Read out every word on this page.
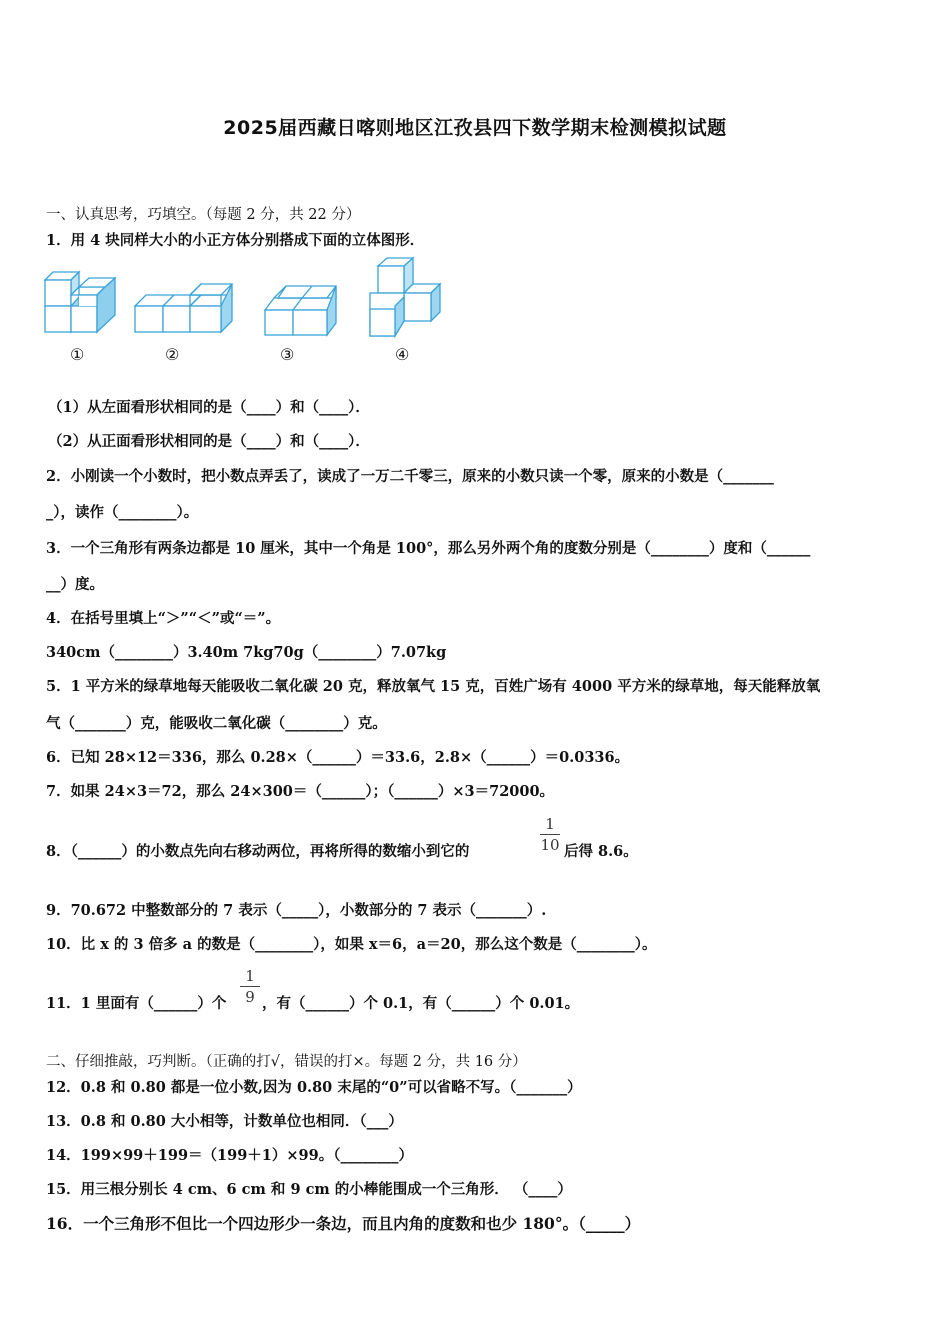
2025届西藏日喀则地区江孜县四下数学期末检测模拟试题
一、认真思考，巧填空。（每题 2 分，共 22 分）
1．用 4 块同样大小的小正方体分别搭成下面的立体图形．
①	②	③	④
（1）从左面看形状相同的是（____）和（____）．
（2）从正面看形状相同的是（____）和（____）．
2．小刚读一个小数时，把小数点弄丢了，读成了一万二千零三，原来的小数只读一个零，原来的小数是（_______
_），读作（________）。
3．一个三角形有两条边都是 10 厘米，其中一个角是 100°，那么另外两个角的度数分别是（________）度和（______
__）度。
4．在括号里填上“＞”“＜”或“＝”。
340cm（________）3.40m 7kg70g（________）7.07kg
5．1 平方米的绿草地每天能吸收二氧化碳 20 克，释放氧气 15 克，百姓广场有 4000 平方米的绿草地，每天能释放氧
气（_______）克，能吸收二氧化碳（________）克。
6．已知 28×12＝336，那么 0.28×（______）＝33.6，2.8×（______）＝0.0336。
7．如果 24×3＝72，那么 24×300＝（______）；（______）×3＝72000。
8．（______）的小数点先向右移动两位，再将所得的数缩小到它的
1
10 后得 8.6。
9．70.672 中整数部分的 7 表示（_____），小数部分的 7 表示（_______）.
10．比 x 的 3 倍多 a 的数是（________），如果 x＝6，a＝20，那么这个数是（________）。
11．1 里面有（______）个
1
9 ，有（______）个 0.1，有（______）个 0.01。
二、仔细推敲，巧判断。（正确的打√，错误的打×。每题 2 分，共 16 分）
12．0.8 和 0.80 都是一位小数,因为 0.80 末尾的“0”可以省略不写。（_______）
13．0.8 和 0.80 大小相等，计数单位也相同．（___）
14．199×99＋199＝（199＋1）×99。（________）
15．用三根分别长 4 cm、6 cm 和 9 cm 的小棒能围成一个三角形． （____）
16．一个三角形不但比一个四边形少一条边，而且内角的度数和也少 180°。（_____）
